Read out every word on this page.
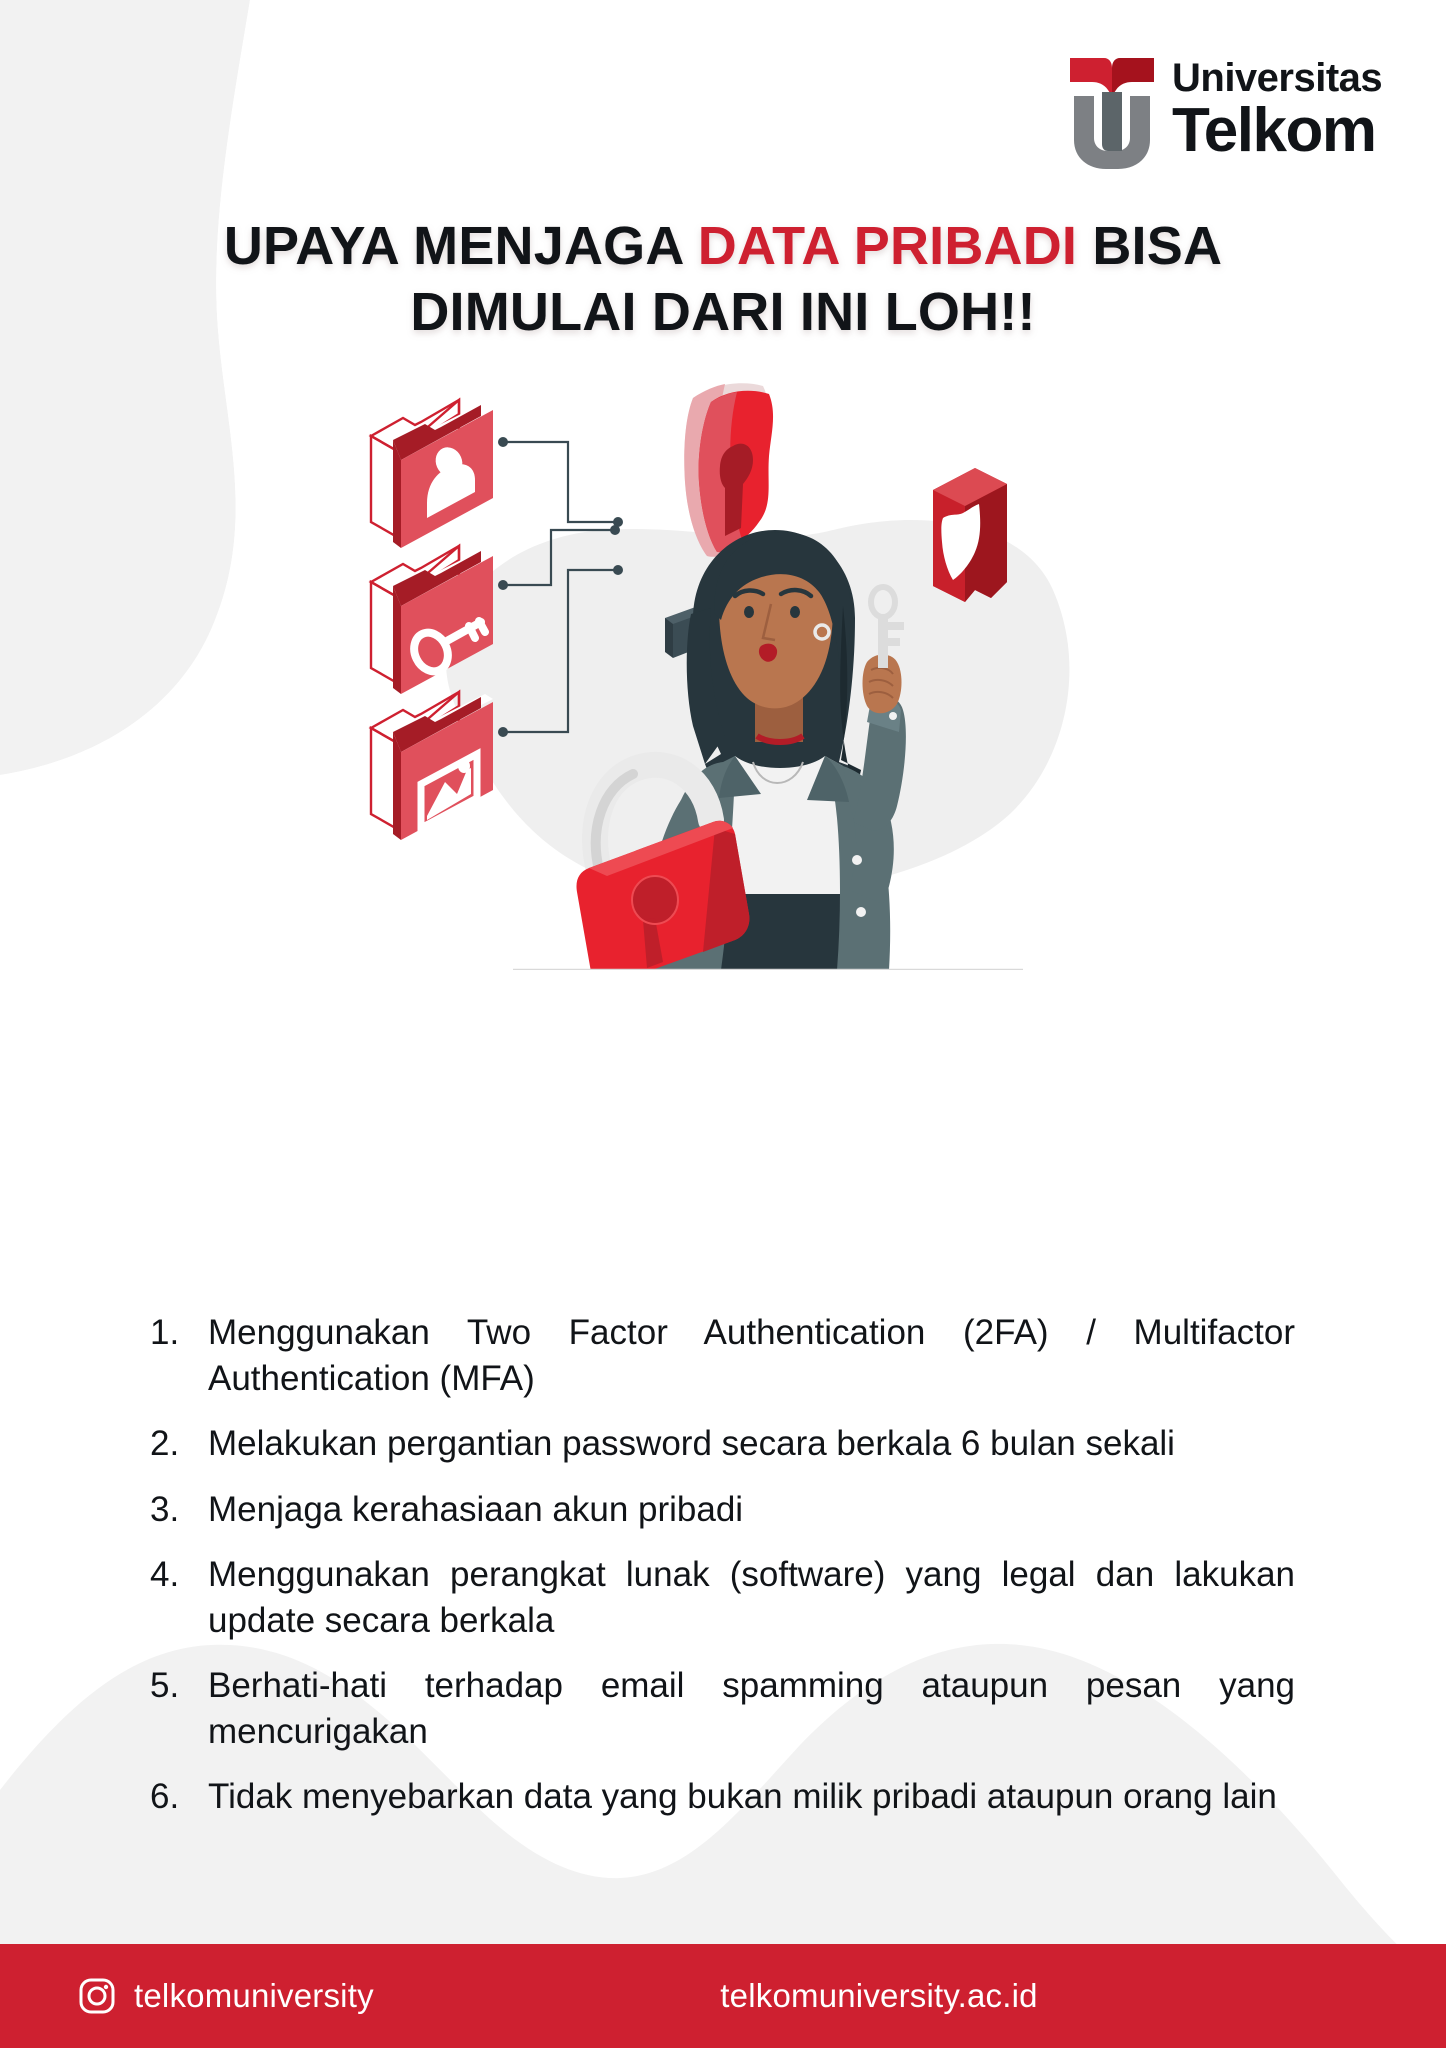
Universitas
Telkom
UPAYA MENJAGA DATA PRIBADI BISA
DIMULAI DARI INI LOH!!
1. Menggunakan Two Factor Authentication (2FA) / Multifactor Authentication (MFA)
2. Melakukan pergantian password secara berkala 6 bulan sekali
3. Menjaga kerahasiaan akun pribadi
4. Menggunakan perangkat lunak (software) yang legal dan lakukan update secara berkala
5. Berhati-hati terhadap email spamming ataupun pesan yang mencurigakan
6. Tidak menyebarkan data yang bukan milik pribadi ataupun orang lain
telkomuniversity	telkomuniversity.ac.id
